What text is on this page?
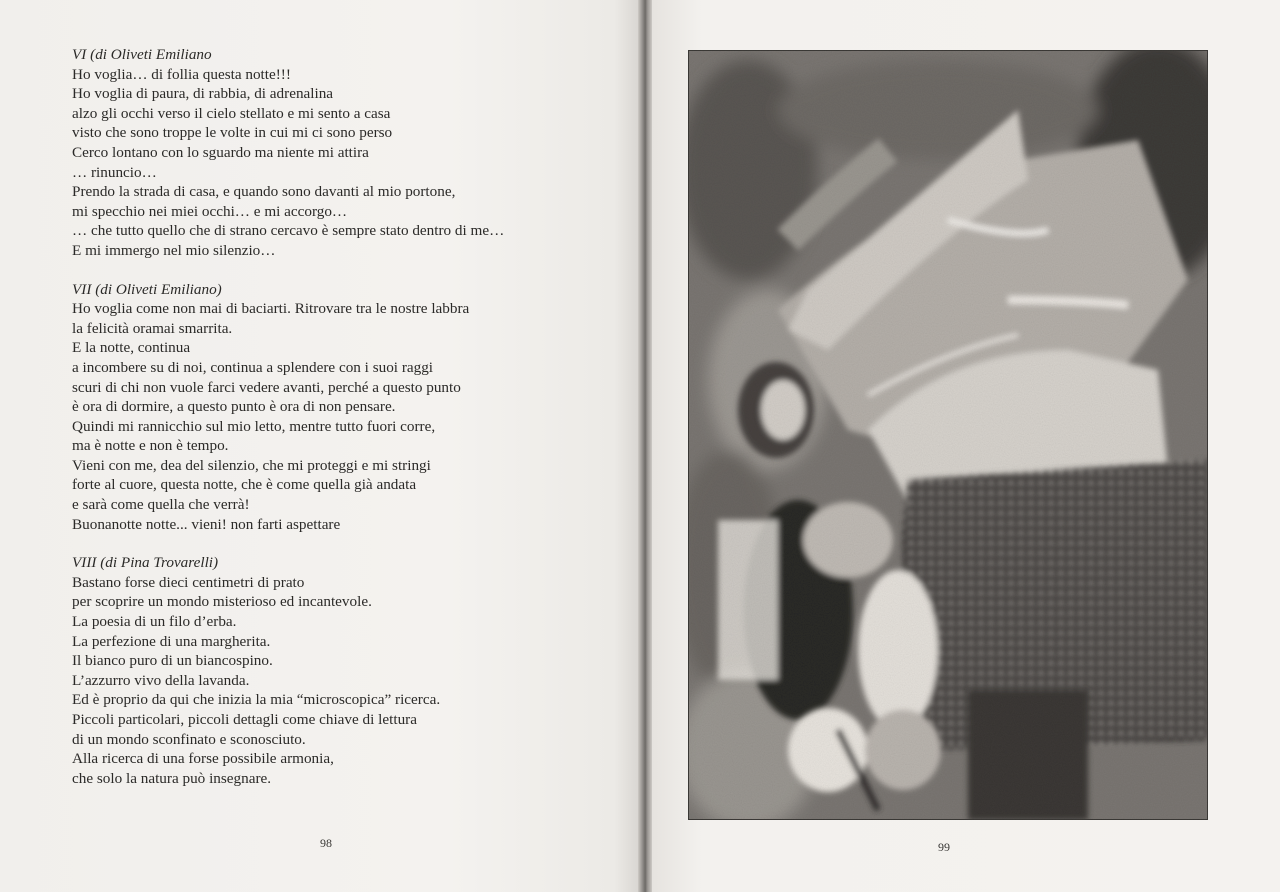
VI (di Oliveti Emiliano
Ho voglia… di follia questa notte!!!
Ho voglia di paura, di rabbia, di adrenalina
alzo gli occhi verso il cielo stellato e mi sento a casa
visto che sono troppe le volte in cui mi ci sono perso
Cerco lontano con lo sguardo ma niente mi attira
… rinuncio…
Prendo la strada di casa, e quando sono davanti al mio portone,
mi specchio nei miei occhi… e mi accorgo…
… che tutto quello che di strano cercavo è sempre stato dentro di me…
E mi immergo nel mio silenzio…
VII (di Oliveti Emiliano)
Ho voglia come non mai di baciarti. Ritrovare tra le nostre labbra
la felicità oramai smarrita.
E la notte, continua
a incombere su di noi, continua a splendere con i suoi raggi
scuri di chi non vuole farci vedere avanti, perché a questo punto
è ora di dormire, a questo punto è ora di non pensare.
Quindi mi rannicchio sul mio letto, mentre tutto fuori corre,
ma è notte e non è tempo.
Vieni con me, dea del silenzio, che mi proteggi e mi stringi
forte al cuore, questa notte, che è come quella già andata
e sarà come quella che verrà!
Buonanotte notte... vieni! non farti aspettare
VIII (di Pina Trovarelli)
Bastano forse dieci centimetri di prato
per scoprire un mondo misterioso ed incantevole.
La poesia di un filo d’erba.
La perfezione di una margherita.
Il bianco puro di un biancospino.
L’azzurro vivo della lavanda.
Ed è proprio da qui che inizia la mia “microscopica” ricerca.
Piccoli particolari, piccoli dettagli come chiave di lettura
di un mondo sconfinato e sconosciuto.
Alla ricerca di una forse possibile armonia,
che solo la natura può insegnare.
98	99
